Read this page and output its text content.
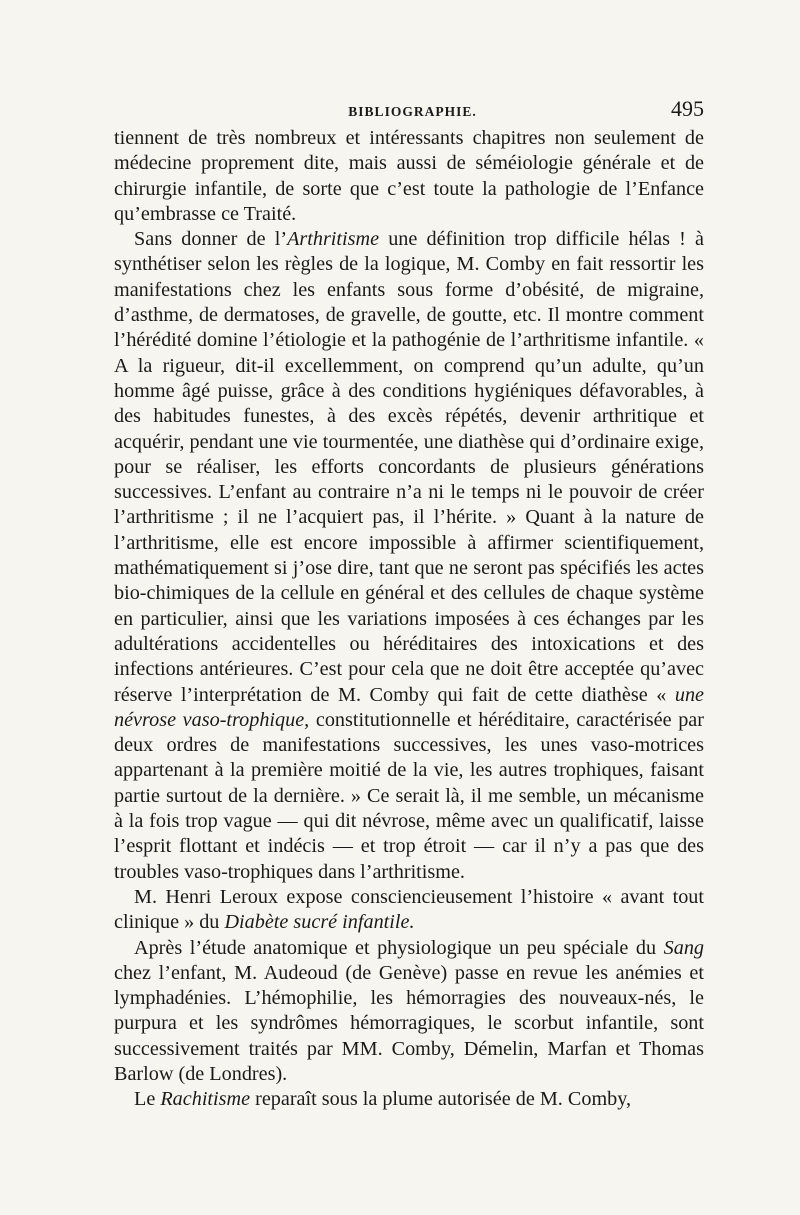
BIBLIOGRAPHIE.	495

tiennent de très nombreux et intéressants chapitres non seulement de médecine proprement dite, mais aussi de séméiologie générale et de chirurgie infantile, de sorte que c’est toute la pathologie de l’Enfance qu’embrasse ce Traité.

Sans donner de l’Arthritisme une définition trop difficile hélas ! à synthétiser selon les règles de la logique, M. Comby en fait ressortir les manifestations chez les enfants sous forme d’obésité, de migraine, d’asthme, de dermatoses, de gravelle, de goutte, etc. Il montre comment l’hérédité domine l’étiologie et la pathogénie de l’arthritisme infantile. « A la rigueur, dit-il excellemment, on comprend qu’un adulte, qu’un homme âgé puisse, grâce à des conditions hygiéniques défavorables, à des habitudes funestes, à des excès répétés, devenir arthritique et acquérir, pendant une vie tourmentée, une diathèse qui d’ordinaire exige, pour se réaliser, les efforts concordants de plusieurs générations successives. L’enfant au contraire n’a ni le temps ni le pouvoir de créer l’arthritisme ; il ne l’acquiert pas, il l’hérite. » Quant à la nature de l’arthritisme, elle est encore impossible à affirmer scientifiquement, mathématiquement si j’ose dire, tant que ne seront pas spécifiés les actes bio-chimiques de la cellule en général et des cellules de chaque système en particulier, ainsi que les variations imposées à ces échanges par les adultérations accidentelles ou héréditaires des intoxications et des infections antérieures. C’est pour cela que ne doit être acceptée qu’avec réserve l’interprétation de M. Comby qui fait de cette diathèse « une névrose vaso-trophique, constitutionnelle et héréditaire, caractérisée par deux ordres de manifestations successives, les unes vaso-motrices appartenant à la première moitié de la vie, les autres trophiques, faisant partie surtout de la dernière. » Ce serait là, il me semble, un mécanisme à la fois trop vague — qui dit névrose, même avec un qualificatif, laisse l’esprit flottant et indécis — et trop étroit — car il n’y a pas que des troubles vaso-trophiques dans l’arthritisme.

M. Henri Leroux expose consciencieusement l’histoire « avant tout clinique » du Diabète sucré infantile.

Après l’étude anatomique et physiologique un peu spéciale du Sang chez l’enfant, M. Audeoud (de Genève) passe en revue les anémies et lymphadénies. L’hémophilie, les hémorragies des nouveaux-nés, le purpura et les syndrômes hémorragiques, le scorbut infantile, sont successivement traités par MM. Comby, Démelin, Marfan et Thomas Barlow (de Londres).

Le Rachitisme reparaît sous la plume autorisée de M. Comby,
